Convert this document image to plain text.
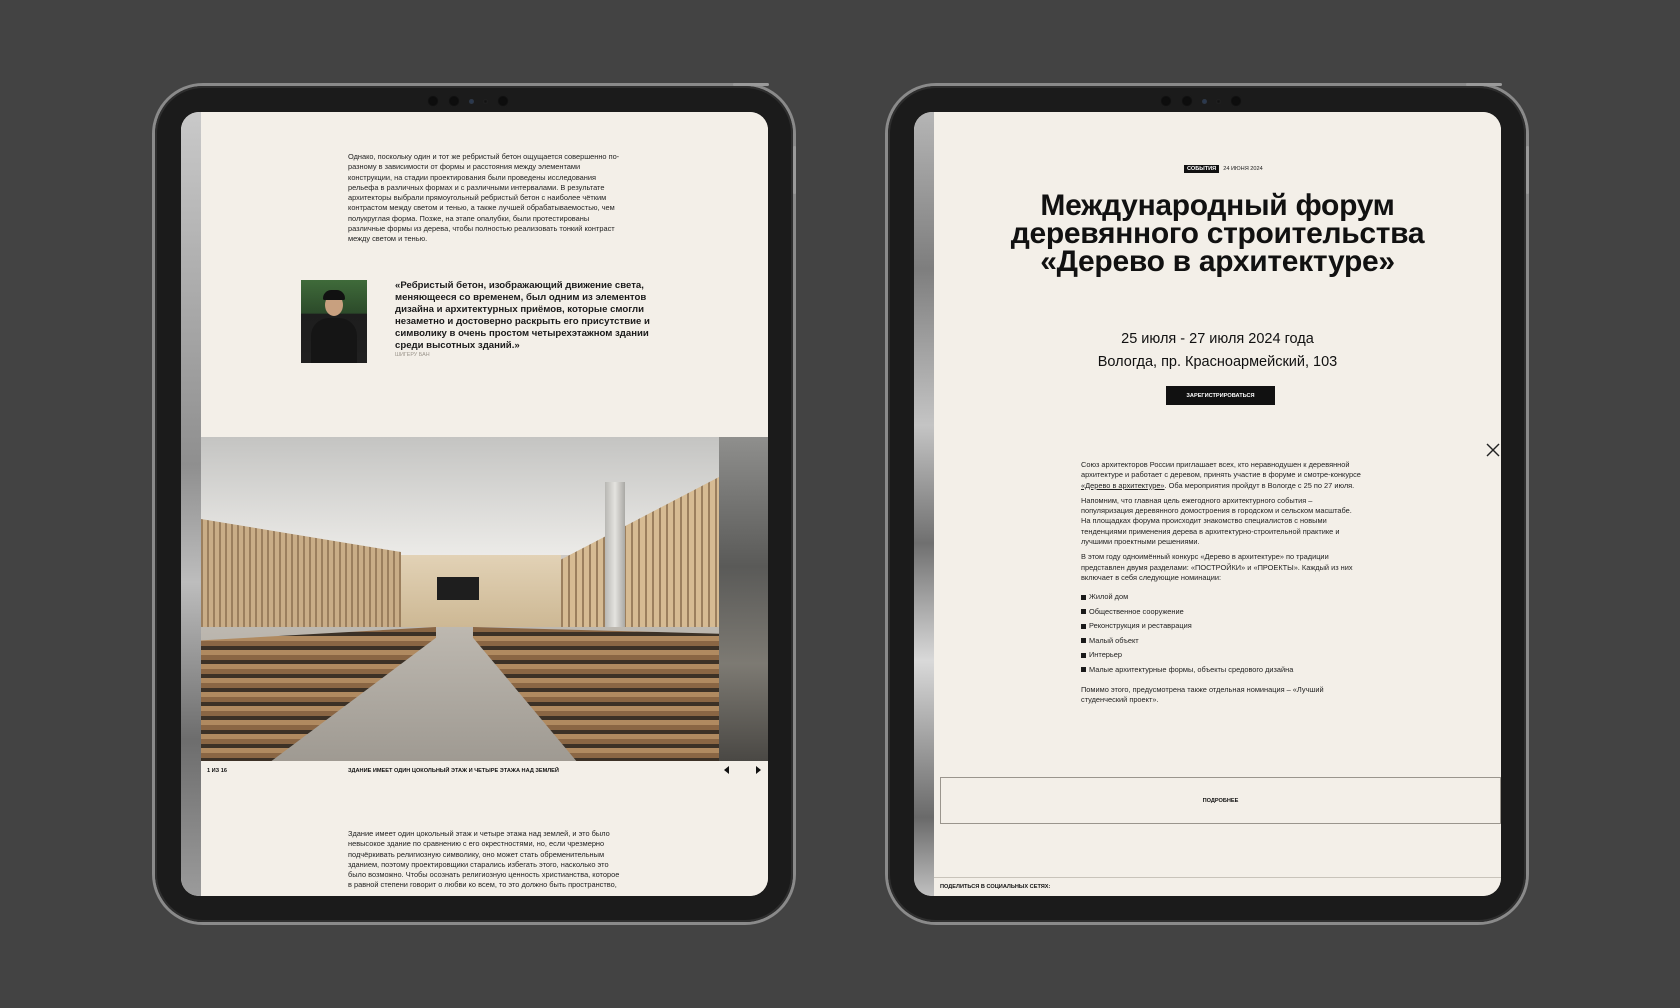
Однако, поскольку один и тот же ребристый бетон ощущается совершенно по-разному в зависимости от формы и расстояния между элементами конструкции, на стадии проектирования были проведены исследования рельефа в различных формах и с различными интервалами. В результате архитекторы выбрали прямоугольный ребристый бетон с наиболее чётким контрастом между светом и тенью, а также лучшей обрабатываемостью, чем полукруглая форма. Позже, на этапе опалубки, были протестированы различные формы из дерева, чтобы полностью реализовать тонкий контраст между светом и тенью.
«Ребристый бетон, изображающий движение света, меняющееся со временем, был одним из элементов дизайна и архитектурных приёмов, которые смогли незаметно и достоверно раскрыть его присутствие и символику в очень простом четырехэтажном здании среди высотных зданий.»
ШИГЕРУ БАН
1 ИЗ 16	ЗДАНИЕ ИМЕЕТ ОДИН ЦОКОЛЬНЫЙ ЭТАЖ И ЧЕТЫРЕ ЭТАЖА НАД ЗЕМЛЕЙ
Здание имеет один цокольный этаж и четыре этажа над землей, и это было невысокое здание по сравнению с его окрестностями, но, если чрезмерно подчёркивать религиозную символику, оно может стать обременительным зданием, поэтому проектировщики старались избегать этого, насколько это было возможно. Чтобы осознать религиозную ценность христианства, которое в равной степени говорит о любви ко всем, то это должно быть пространство,
СОБЫТИЯ	24 ИЮНЯ 2024
Международный форум
деревянного строительства
«Дерево в архитектуре»
25 июля - 27 июля 2024 года
Вологда, пр. Красноармейский, 103
ЗАРЕГИСТРИРОВАТЬСЯ

Союз архитекторов России приглашает всех, кто неравнодушен к деревянной архитектуре и работает с деревом, принять участие в форуме и смотре-конкурсе «Дерево в архитектуре». Оба мероприятия пройдут в Вологде с 25 по 27 июля.

Напомним, что главная цель ежегодного архитектурного события – популяризация деревянного домостроения в городском и сельском масштабе. На площадках форума происходит знакомство специалистов с новыми тенденциями применения дерева в архитектурно-строительной практике и лучшими проектными решениями.

В этом году одноимённый конкурс «Дерево в архитектуре» по традиции представлен двумя разделами: «ПОСТРОЙКИ» и «ПРОЕКТЫ». Каждый из них включает в себя следующие номинации:

Жилой дом
Общественное сооружение
Реконструкция и реставрация
Малый объект
Интерьер
Малые архитектурные формы, объекты средового дизайна

Помимо этого, предусмотрена также отдельная номинация – «Лучший студенческий проект».

ПОДРОБНЕЕ
ПОДЕЛИТЬСЯ В СОЦИАЛЬНЫХ СЕТЯХ:
